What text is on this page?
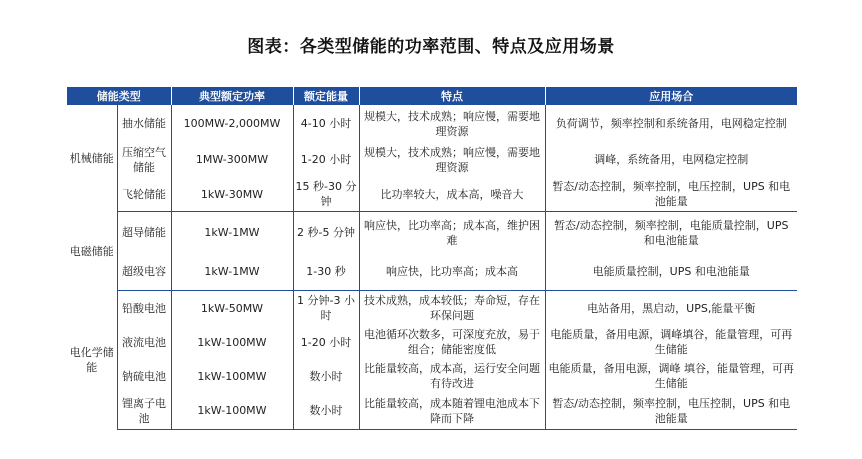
图表：各类型储能的功率范围、特点及应用场景
储能类型		典型额定功率	额定能量	特点	应用场合
机械储能	抽水储能	100MW-2,000MW	4-10 小时	规模大，技术成熟；响应慢，需要地理资源	负荷调节，频率控制和系统备用，电网稳定控制
	压缩空气储能	1MW-300MW	1-20 小时	规模大，技术成熟；响应慢，需要地理资源	调峰，系统备用，电网稳定控制
	飞轮储能	1kW-30MW	15 秒-30 分钟	比功率较大，成本高，噪音大	暂态/动态控制，频率控制，电压控制，UPS 和电池能量
电磁储能	超导储能	1kW-1MW	2 秒-5 分钟	响应快，比功率高；成本高，维护困难	暂态/动态控制，频率控制，电能质量控制，UPS 和电池能量
	超级电容	1kW-1MW	1-30 秒	响应快，比功率高；成本高	电能质量控制，UPS 和电池能量
电化学储能	铅酸电池	1kW-50MW	1 分钟-3 小时	技术成熟，成本较低；寿命短，存在环保问题	电站备用，黑启动，UPS,能量平衡
	液流电池	1kW-100MW	1-20 小时	电池循环次数多，可深度充放，易于组合；储能密度低	电能质量，备用电源，调峰填谷，能量管理，可再生储能
	钠硫电池	1kW-100MW	数小时	比能量较高，成本高，运行安全问题有待改进	电能质量，备用电源，调峰 填谷，能量管理，可再生储能
	锂离子电池	1kW-100MW	数小时	比能量较高，成本随着锂电池成本下降而下降	暂态/动态控制，频率控制，电压控制，UPS 和电池能量
